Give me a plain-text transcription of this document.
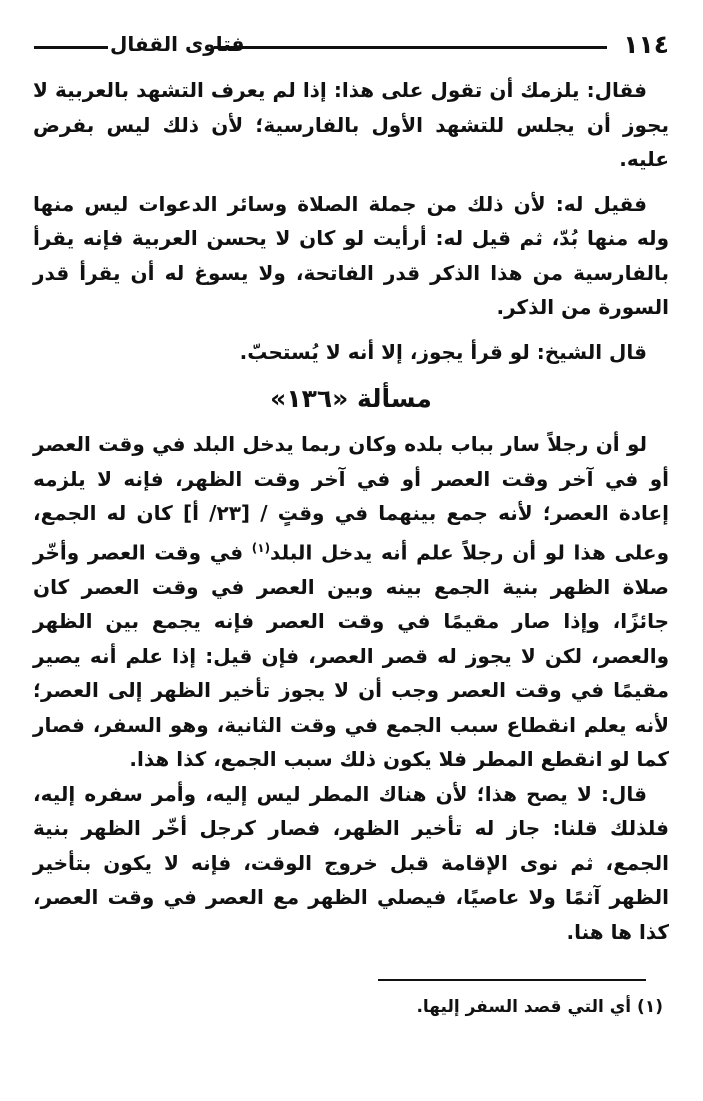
١١٤
فتاوى القفال

فقال: يلزمك أن تقول على هذا: إذا لم يعرف التشهد بالعربية لا يجوز أن يجلس للتشهد الأول بالفارسية؛ لأن ذلك ليس بفرض عليه.

فقيل له: لأن ذلك من جملة الصلاة وسائر الدعوات ليس منها وله منها بُدّ، ثم قيل له: أرأيت لو كان لا يحسن العربية فإنه يقرأ بالفارسية من هذا الذكر قدر الفاتحة، ولا يسوغ له أن يقرأ قدر السورة من الذكر.

قال الشيخ: لو قرأ يجوز، إلا أنه لا يُستحبّ.

مسألة «١٣٦»

لو أن رجلاً سار بباب بلده وكان ربما يدخل البلد في وقت العصر أو في آخر وقت العصر أو في آخر وقت الظهر، فإنه لا يلزمه إعادة العصر؛ لأنه جمع بينهما في وقتٍ / [٢٣/ أ] كان له الجمع، وعلى هذا لو أن رجلاً علم أنه يدخل البلد$^{(١)}$ في وقت العصر وأخّر صلاة الظهر بنية الجمع بينه وبين العصر في وقت العصر كان جائزًا، وإذا صار مقيمًا في وقت العصر فإنه يجمع بين الظهر والعصر، لكن لا يجوز له قصر العصر، فإن قيل: إذا علم أنه يصير مقيمًا في وقت العصر وجب أن لا يجوز تأخير الظهر إلى العصر؛ لأنه يعلم انقطاع سبب الجمع في وقت الثانية، وهو السفر، فصار كما لو انقطع المطر فلا يكون ذلك سبب الجمع، كذا هذا.

قال: لا يصح هذا؛ لأن هناك المطر ليس إليه، وأمر سفره إليه، فلذلك قلنا: جاز له تأخير الظهر، فصار كرجل أخّر الظهر بنية الجمع، ثم نوى الإقامة قبل خروج الوقت، فإنه لا يكون بتأخير الظهر آثمًا ولا عاصيًا، فيصلي الظهر مع العصر في وقت العصر، كذا ها هنا.

(١) أي التي قصد السفر إليها.
